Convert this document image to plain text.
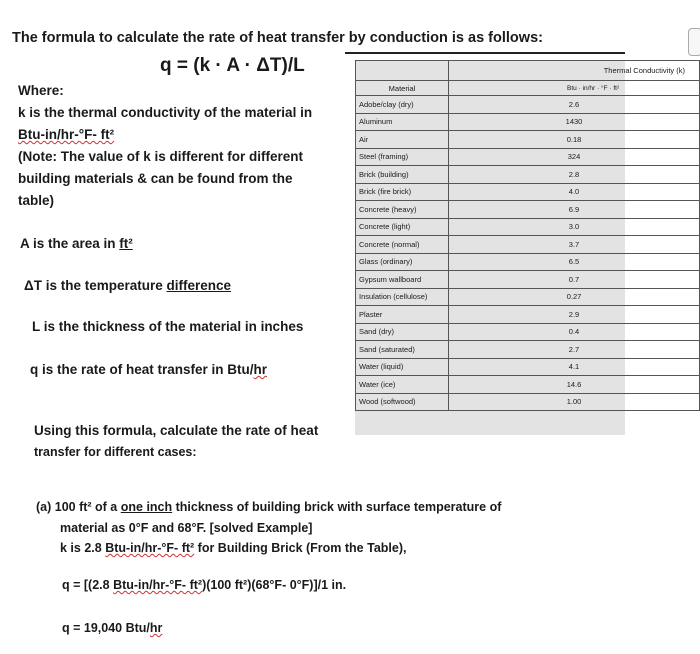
The formula to calculate the rate of heat transfer by conduction is as follows:
q = (k · A · ΔT)/L
Where:
k is the thermal conductivity of the material in
Btu-in/hr-°F- ft²
(Note: The value of k is different for different
building materials & can be found from the
table)
A is the area in ft²
ΔT is the temperature difference
L is the thickness of the material in inches
q is the rate of heat transfer in Btu/hr
	Thermal Conductivity (k)
Material	Btu · in/hr · °F · ft²
Adobe/clay (dry)	2.6
Aluminum	1430
Air	0.18
Steel (framing)	324
Brick (building)	2.8
Brick (fire brick)	4.0
Concrete (heavy)	6.9
Concrete (light)	3.0
Concrete (normal)	3.7
Glass (ordinary)	6.5
Gypsum wallboard	0.7
Insulation (cellulose)	0.27
Plaster	2.9
Sand (dry)	0.4
Sand (saturated)	2.7
Water (liquid)	4.1
Water (ice)	14.6
Wood (softwood)	1.00
Using this formula, calculate the rate of heat
transfer for different cases:
(a) 100 ft² of a one inch thickness of building brick with surface temperature of
material as 0°F and 68°F. [solved Example]
k is 2.8 Btu-in/hr-°F- ft² for Building Brick (From the Table),
q = [(2.8 Btu-in/hr-°F- ft²)(100 ft²)(68°F- 0°F)]/1 in.
q = 19,040 Btu/hr
